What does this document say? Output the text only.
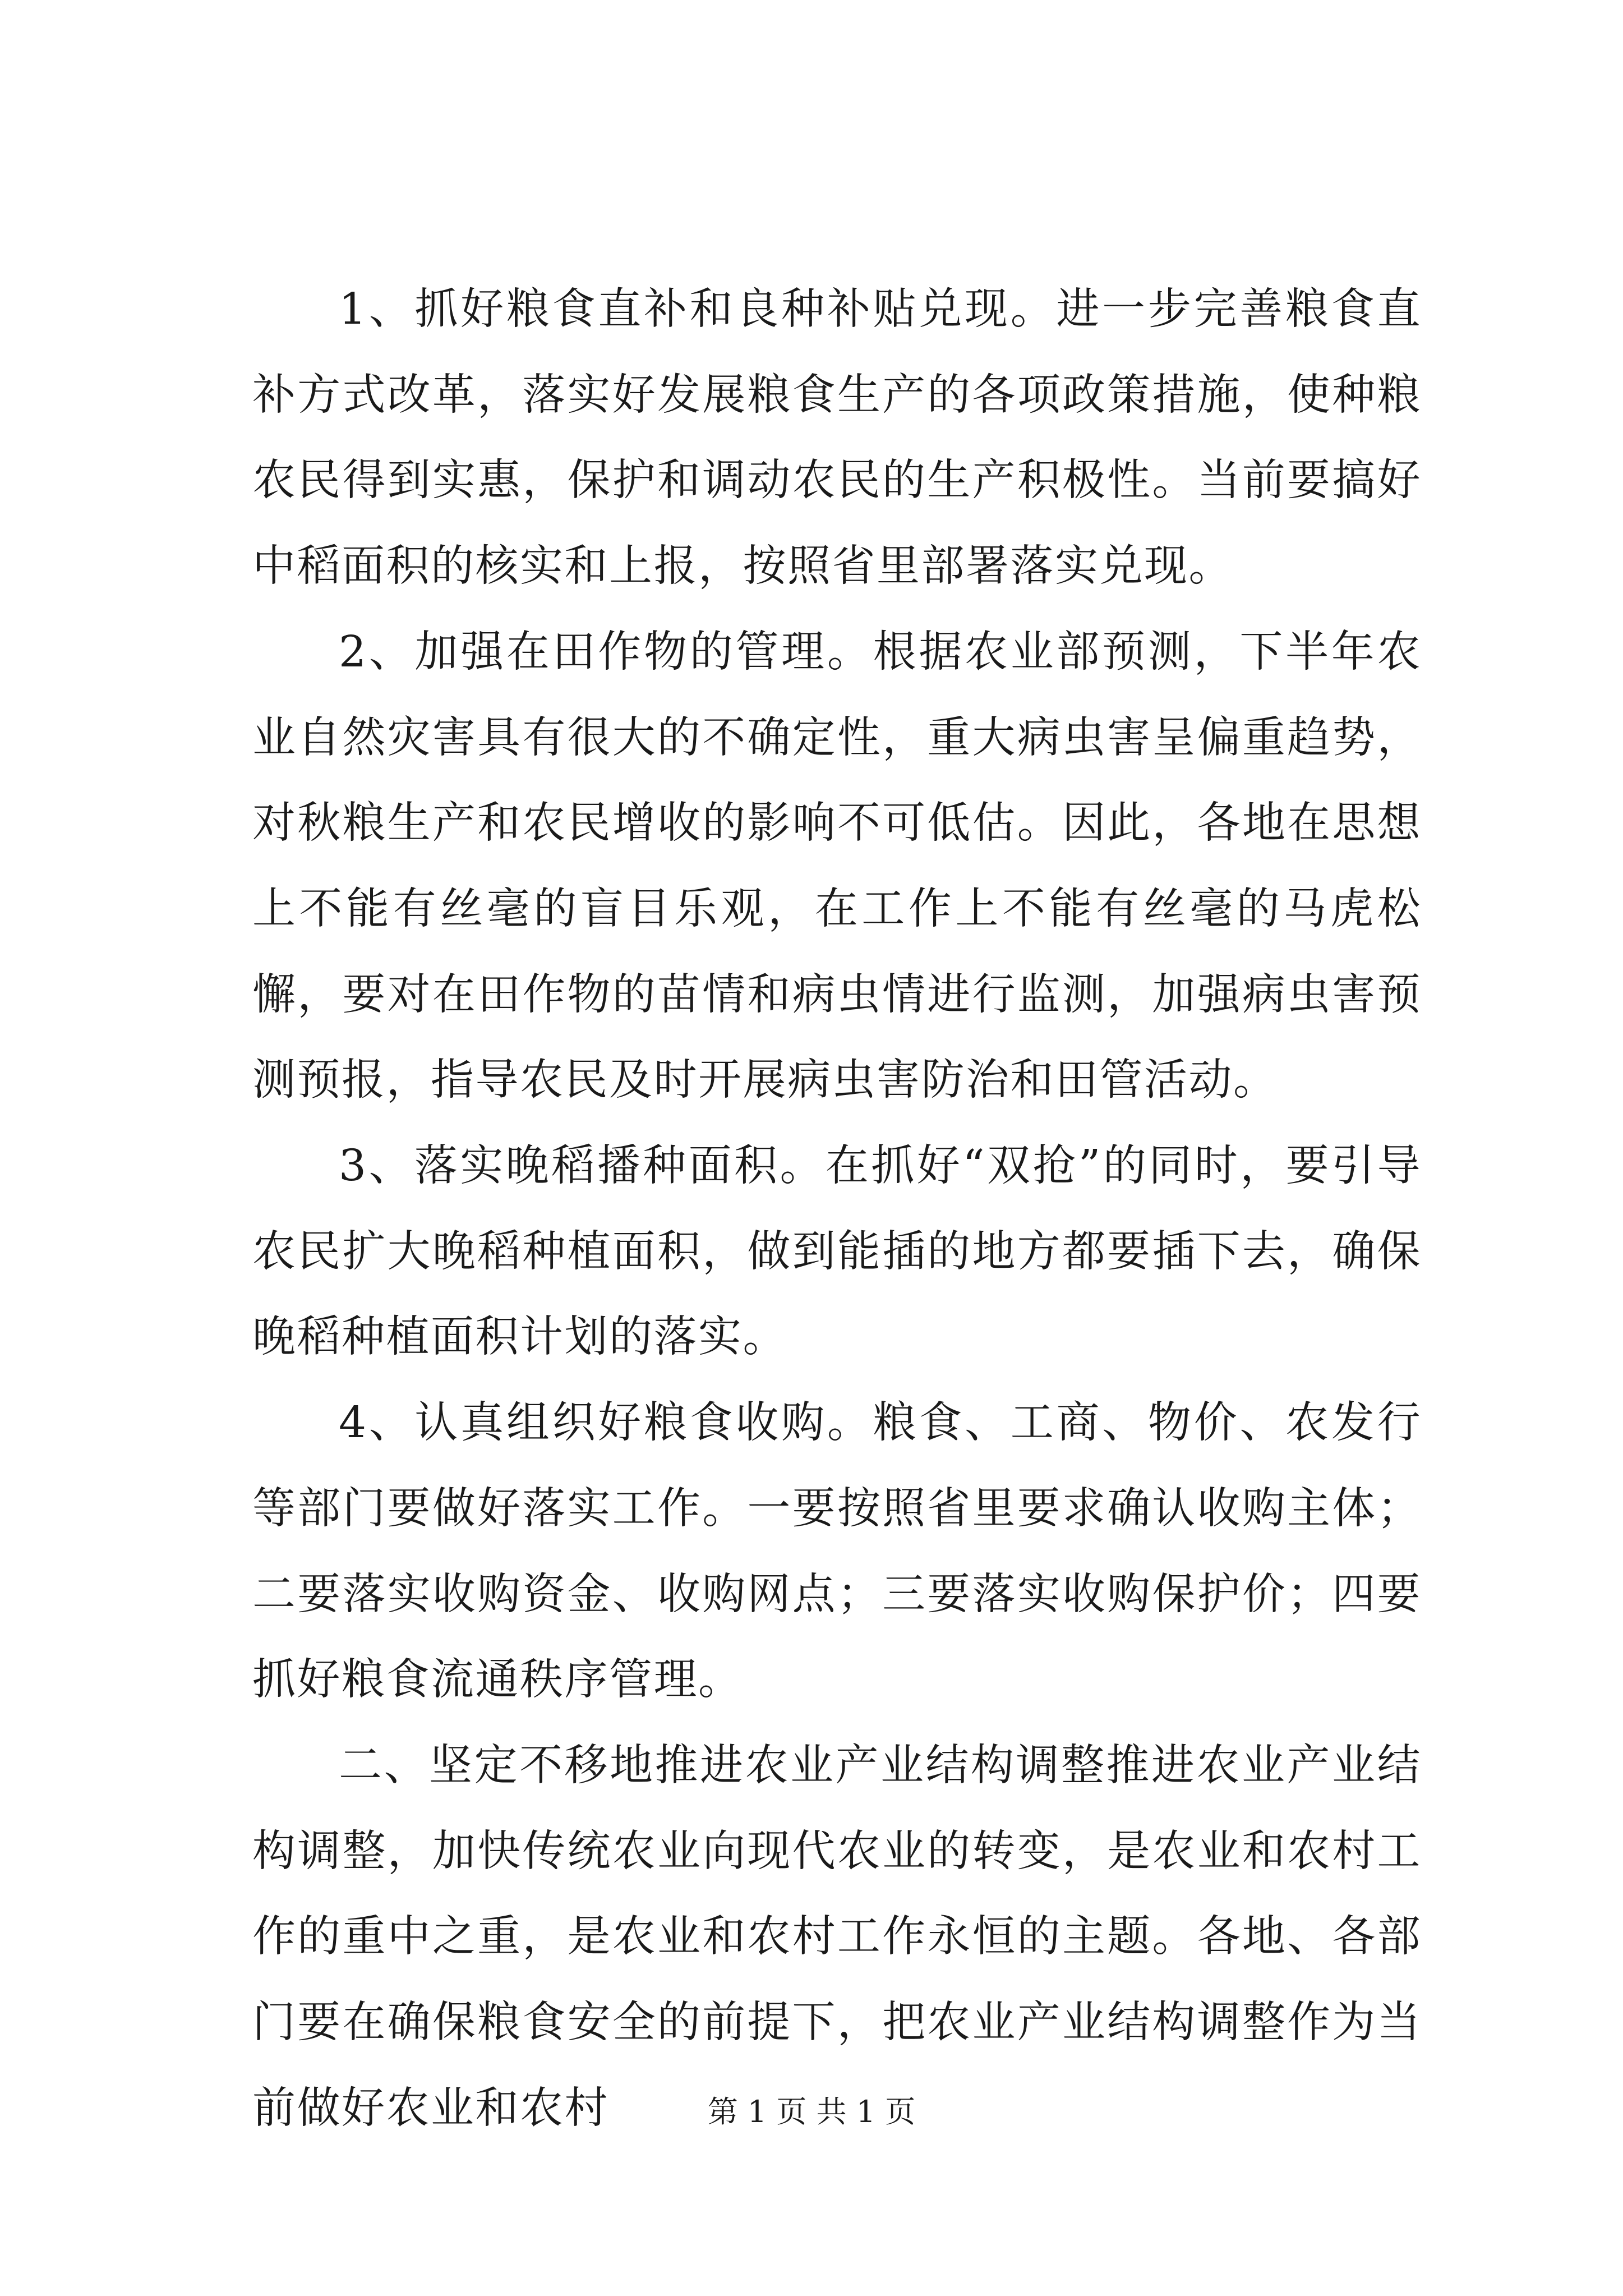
1、抓好粮食直补和良种补贴兑现。进一步完善粮食直补方式改革，落实好发展粮食生产的各项政策措施，使种粮农民得到实惠，保护和调动农民的生产积极性。当前要搞好中稻面积的核实和上报，按照省里部署落实兑现。

2、加强在田作物的管理。根据农业部预测，下半年农业自然灾害具有很大的不确定性，重大病虫害呈偏重趋势，对秋粮生产和农民增收的影响不可低估。因此，各地在思想上不能有丝毫的盲目乐观，在工作上不能有丝毫的马虎松懈，要对在田作物的苗情和病虫情进行监测，加强病虫害预测预报，指导农民及时开展病虫害防治和田管活动。

3、落实晚稻播种面积。在抓好“双抢”的同时，要引导农民扩大晚稻种植面积，做到能插的地方都要插下去，确保晚稻种植面积计划的落实。

4、认真组织好粮食收购。粮食、工商、物价、农发行等部门要做好落实工作。一要按照省里要求确认收购主体；二要落实收购资金、收购网点；三要落实收购保护价；四要抓好粮食流通秩序管理。

二、坚定不移地推进农业产业结构调整推进农业产业结构调整，加快传统农业向现代农业的转变，是农业和农村工作的重中之重，是农业和农村工作永恒的主题。各地、各部门要在确保粮食安全的前提下，把农业产业结构调整作为当前做好农业和农村	第 1 页 共 1 页
